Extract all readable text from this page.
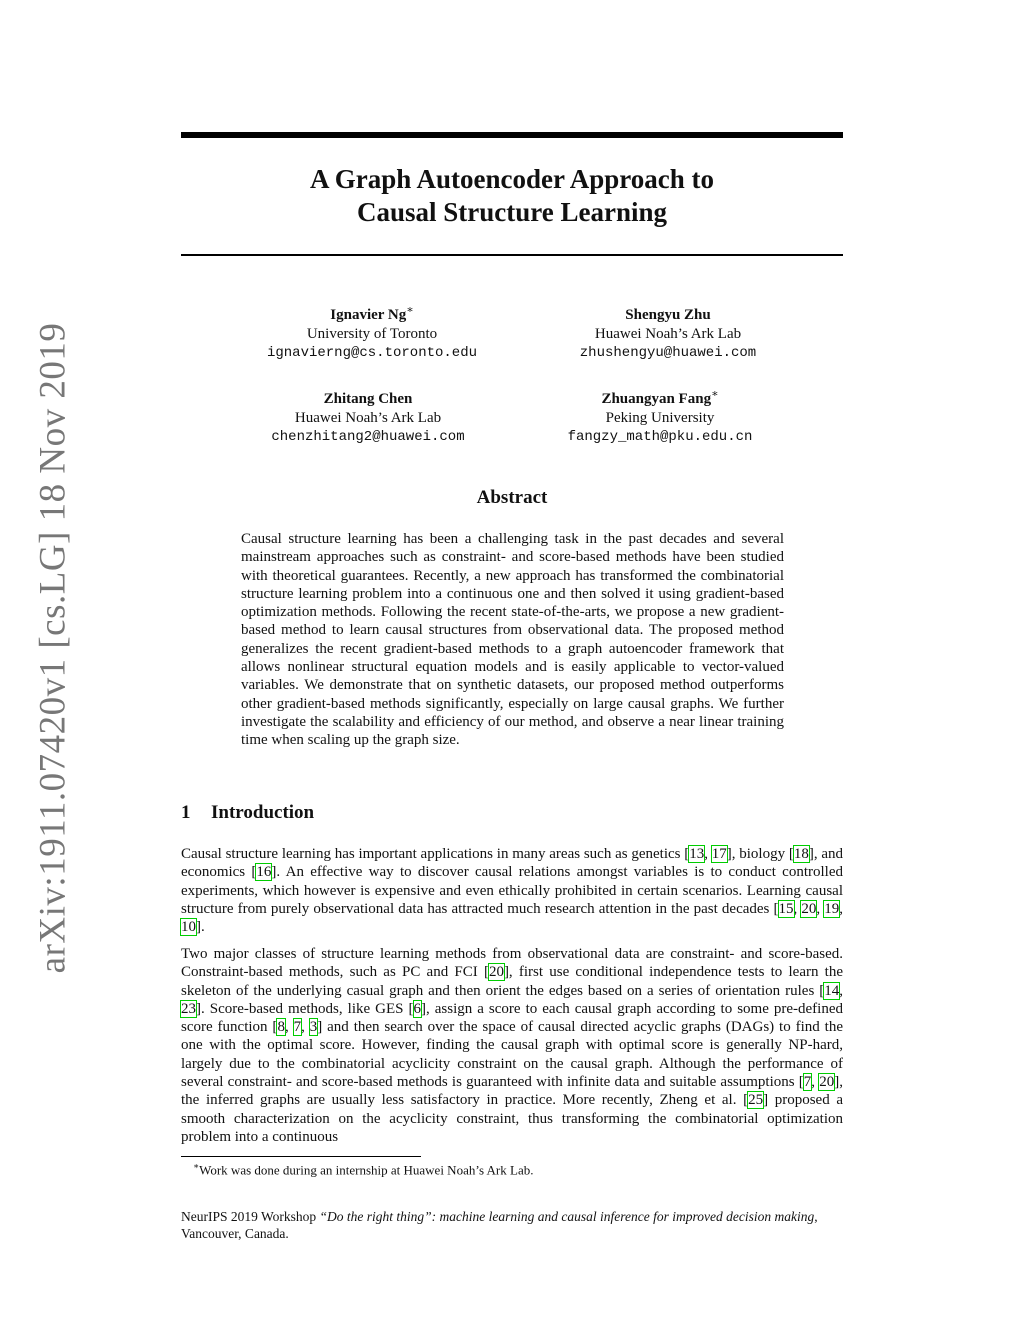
arXiv:1911.07420v1 [cs.LG] 18 Nov 2019
A Graph Autoencoder Approach to
Causal Structure Learning
Ignavier Ng∗
University of Toronto
ignavierng@cs.toronto.edu
Shengyu Zhu
Huawei Noah’s Ark Lab
zhushengyu@huawei.com
Zhitang Chen
Huawei Noah’s Ark Lab
chenzhitang2@huawei.com
Zhuangyan Fang∗
Peking University
fangzy_math@pku.edu.cn
Abstract

Causal structure learning has been a challenging task in the past decades and several mainstream approaches such as constraint- and score-based methods have been studied with theoretical guarantees. Recently, a new approach has transformed the combinatorial structure learning problem into a continuous one and then solved it using gradient-based optimization methods. Following the recent state-of-the-arts, we propose a new gradient-based method to learn causal structures from observational data. The proposed method generalizes the recent gradient-based methods to a graph autoencoder framework that allows nonlinear structural equation models and is easily applicable to vector-valued variables. We demonstrate that on synthetic datasets, our proposed method outperforms other gradient-based methods significantly, especially on large causal graphs. We further investigate the scalability and efficiency of our method, and observe a near linear training time when scaling up the graph size.

1 Introduction

Causal structure learning has important applications in many areas such as genetics [13, 17], biology [18], and economics [16]. An effective way to discover causal relations amongst variables is to conduct controlled experiments, which however is expensive and even ethically prohibited in certain scenarios. Learning causal structure from purely observational data has attracted much research attention in the past decades [15, 20, 19, 10].

Two major classes of structure learning methods from observational data are constraint- and score-based. Constraint-based methods, such as PC and FCI [20], first use conditional independence tests to learn the skeleton of the underlying casual graph and then orient the edges based on a series of orientation rules [14, 23]. Score-based methods, like GES [6], assign a score to each causal graph according to some pre-defined score function [8, 7, 3] and then search over the space of causal directed acyclic graphs (DAGs) to find the one with the optimal score. However, finding the causal graph with optimal score is generally NP-hard, largely due to the combinatorial acyclicity constraint on the causal graph. Although the performance of several constraint- and score-based methods is guaranteed with infinite data and suitable assumptions [7, 20], the inferred graphs are usually less satisfactory in practice. More recently, Zheng et al. [25] proposed a smooth characterization on the acyclicity constraint, thus transforming the combinatorial optimization problem into a continuous

∗Work was done during an internship at Huawei Noah’s Ark Lab.
NeurIPS 2019 Workshop “Do the right thing”: machine learning and causal inference for improved decision making, Vancouver, Canada.
